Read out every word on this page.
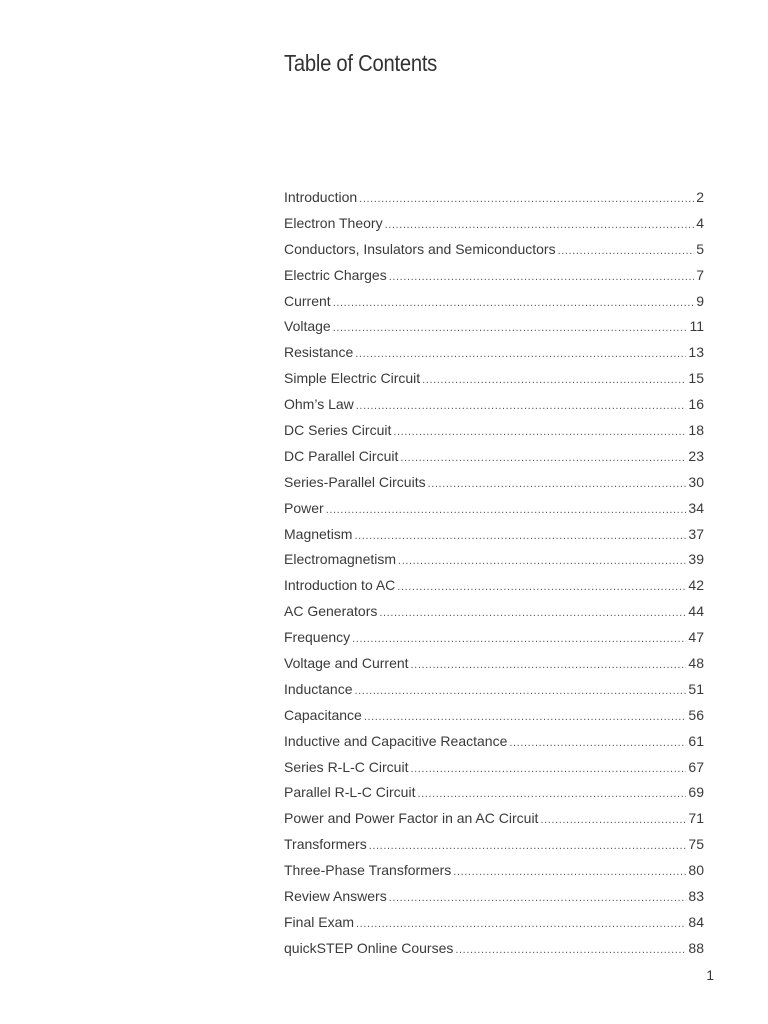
Table of Contents
Introduction .....	2
Electron Theory .....	4
Conductors, Insulators and Semiconductors .....	5
Electric Charges .....	7
Current .....	9
Voltage .....	11
Resistance .....	13
Simple Electric Circuit .....	15
Ohm’s Law .....	16
DC Series Circuit .....	18
DC Parallel Circuit .....	23
Series-Parallel Circuits .....	30
Power .....	34
Magnetism .....	37
Electromagnetism .....	39
Introduction to AC .....	42
AC Generators .....	44
Frequency .....	47
Voltage and Current .....	48
Inductance .....	51
Capacitance .....	56
Inductive and Capacitive Reactance .....	61
Series R-L-C Circuit .....	67
Parallel R-L-C Circuit .....	69
Power and Power Factor in an AC Circuit .....	71
Transformers .....	75
Three-Phase Transformers .....	80
Review Answers .....	83
Final Exam .....	84
quickSTEP Online Courses .....	88
1
